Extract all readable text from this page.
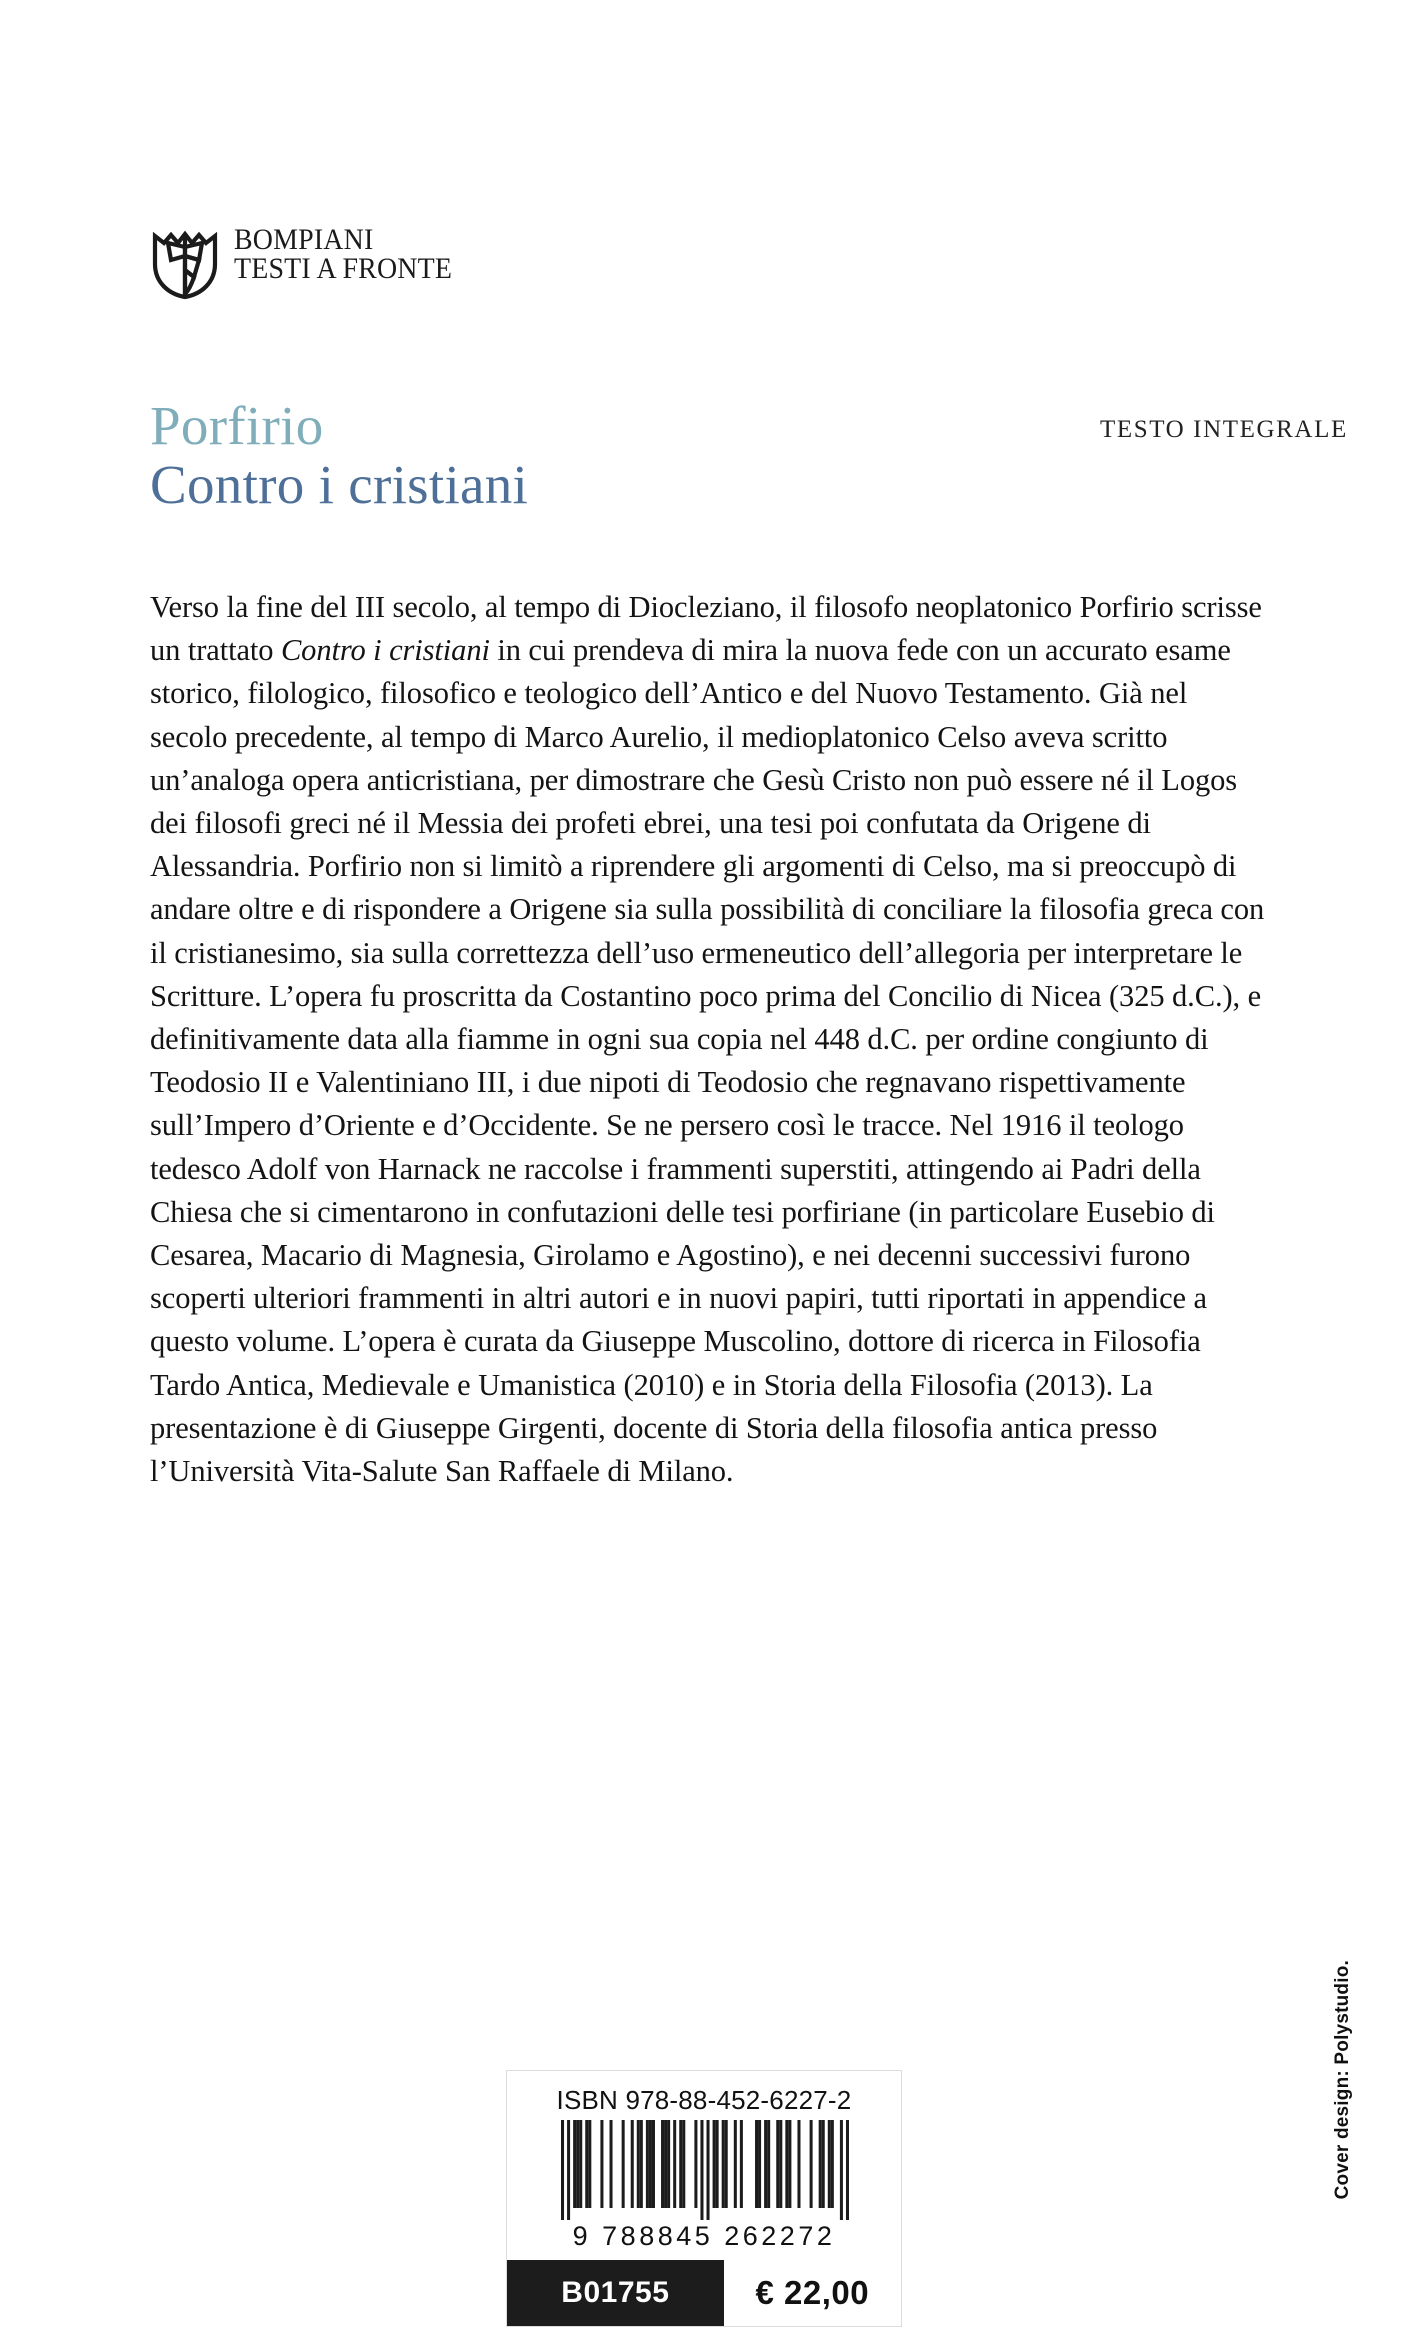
BOMPIANI
TESTI A FRONTE
Porfirio
Contro i cristiani
TESTO INTEGRALE
Verso la fine del III secolo, al tempo di Diocleziano, il filosofo neoplatonico Porfirio scrisse un trattato Contro i cristiani in cui prendeva di mira la nuova fede con un accurato esame storico, filologico, filosofico e teologico dell’Antico e del Nuovo Testamento. Già nel secolo precedente, al tempo di Marco Aurelio, il medioplatonico Celso aveva scritto un’analoga opera anticristiana, per dimostrare che Gesù Cristo non può essere né il Logos dei filosofi greci né il Messia dei profeti ebrei, una tesi poi confutata da Origene di Alessandria. Porfirio non si limitò a riprendere gli argomenti di Celso, ma si preoccupò di andare oltre e di rispondere a Origene sia sulla possibilità di conciliare la filosofia greca con il cristianesimo, sia sulla correttezza dell’uso ermeneutico dell’allegoria per interpretare le Scritture. L’opera fu proscritta da Costantino poco prima del Concilio di Nicea (325 d.C.), e definitivamente data alla fiamme in ogni sua copia nel 448 d.C. per ordine congiunto di Teodosio II e Valentiniano III, i due nipoti di Teodosio che regnavano rispettivamente sull’Impero d’Oriente e d’Occidente. Se ne persero così le tracce. Nel 1916 il teologo tedesco Adolf von Harnack ne raccolse i frammenti superstiti, attingendo ai Padri della Chiesa che si cimentarono in confutazioni delle tesi porfiriane (in particolare Eusebio di Cesarea, Macario di Magnesia, Girolamo e Agostino), e nei decenni successivi furono scoperti ulteriori frammenti in altri autori e in nuovi papiri, tutti riportati in appendice a questo volume. L’opera è curata da Giuseppe Muscolino, dottore di ricerca in Filosofia Tardo Antica, Medievale e Umanistica (2010) e in Storia della Filosofia (2013). La presentazione è di Giuseppe Girgenti, docente di Storia della filosofia antica presso l’Università Vita-Salute San Raffaele di Milano.
ISBN 978-88-452-6227-2
9 788845 262272
B01755	€ 22,00
Cover design: Polystudio.
